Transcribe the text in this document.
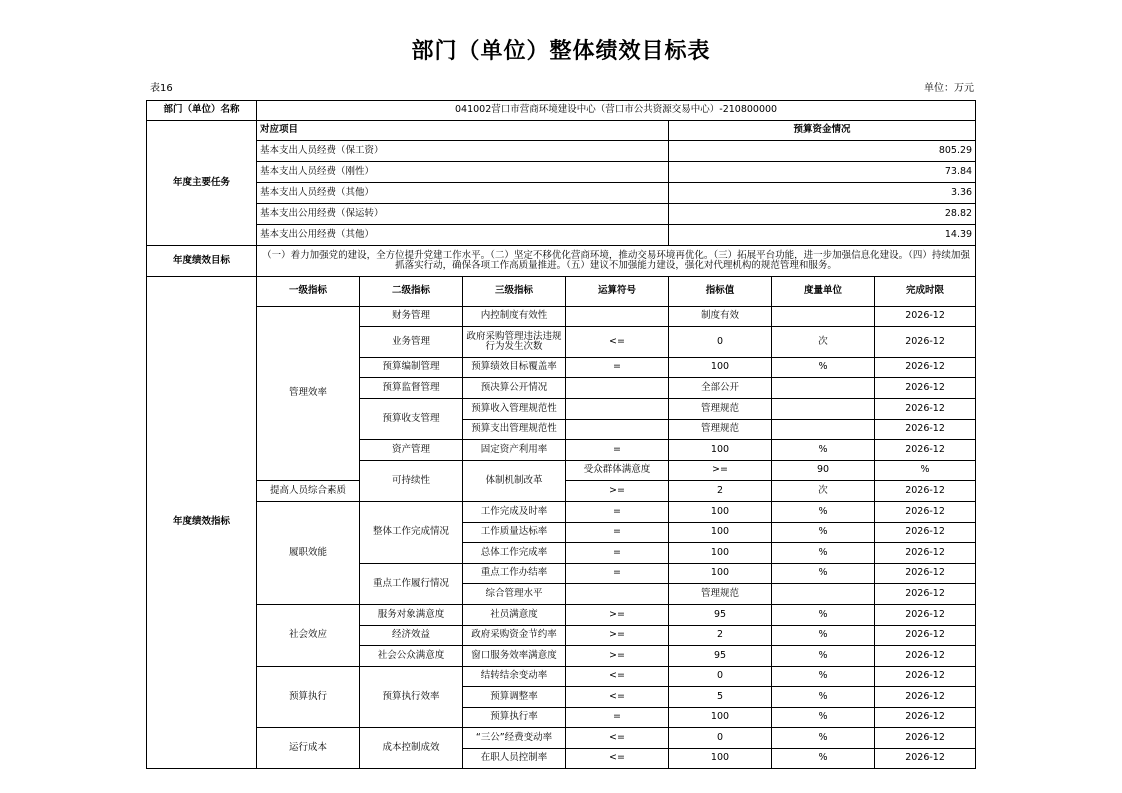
部门（单位）整体绩效目标表
表16	单位：万元
部门（单位）名称	041002营口市营商环境建设中心（营口市公共资源交易中心）-210800000							
年度主要任务	对应项目				预算资金情况			
	基本支出人员经费（保工资）				805.29			
	基本支出人员经费（刚性）				73.84			
	基本支出人员经费（其他）				3.36			
	基本支出公用经费（保运转）				28.82			
	基本支出公用经费（其他）				14.39			
年度绩效目标	（一）着力加强党的建设，全方位提升党建工作水平。（二）坚定不移优化营商环境，推动交易环境再优化。（三）拓展平台功能，进一步加强信息化建设。（四）持续加强抓落实行动，确保各项工作高质量推进。（五）建议不加强能力建设，强化对代理机构的规范管理和服务。							
年度绩效指标	一级指标	二级指标	三级指标	运算符号	指标值	度量单位	完成时限	
	管理效率	财务管理	内控制度有效性		制度有效		2026-12	
		业务管理	政府采购管理违法违规行为发生次数	<=	0	次	2026-12	
		预算编制管理	预算绩效目标覆盖率	=	100	%	2026-12	
		预算监督管理	预决算公开情况		全部公开		2026-12	
		预算收支管理	预算收入管理规范性		管理规范		2026-12	
			预算支出管理规范性		管理规范		2026-12	
		资产管理	固定资产利用率	=	100	%	2026-12	
		可持续性	体制机制改革	受众群体满意度	>=	90	%	
	提高人员综合素质			>=	2	次	2026-12	
	履职效能	整体工作完成情况	工作完成及时率	=	100	%	2026-12	
			工作质量达标率	=	100	%	2026-12	
			总体工作完成率	=	100	%	2026-12	
		重点工作履行情况	重点工作办结率	=	100	%	2026-12	
			综合管理水平		管理规范		2026-12	
	社会效应	服务对象满意度	社员满意度	>=	95	%	2026-12	
		经济效益	政府采购资金节约率	>=	2	%	2026-12	
		社会公众满意度	窗口服务效率满意度	>=	95	%	2026-12	
	预算执行	预算执行效率	结转结余变动率	<=	0	%	2026-12	
			预算调整率	<=	5	%	2026-12	
			预算执行率	=	100	%	2026-12	
	运行成本	成本控制成效	“三公”经费变动率	<=	0	%	2026-12	
			在职人员控制率	<=	100	%	2026-12	
